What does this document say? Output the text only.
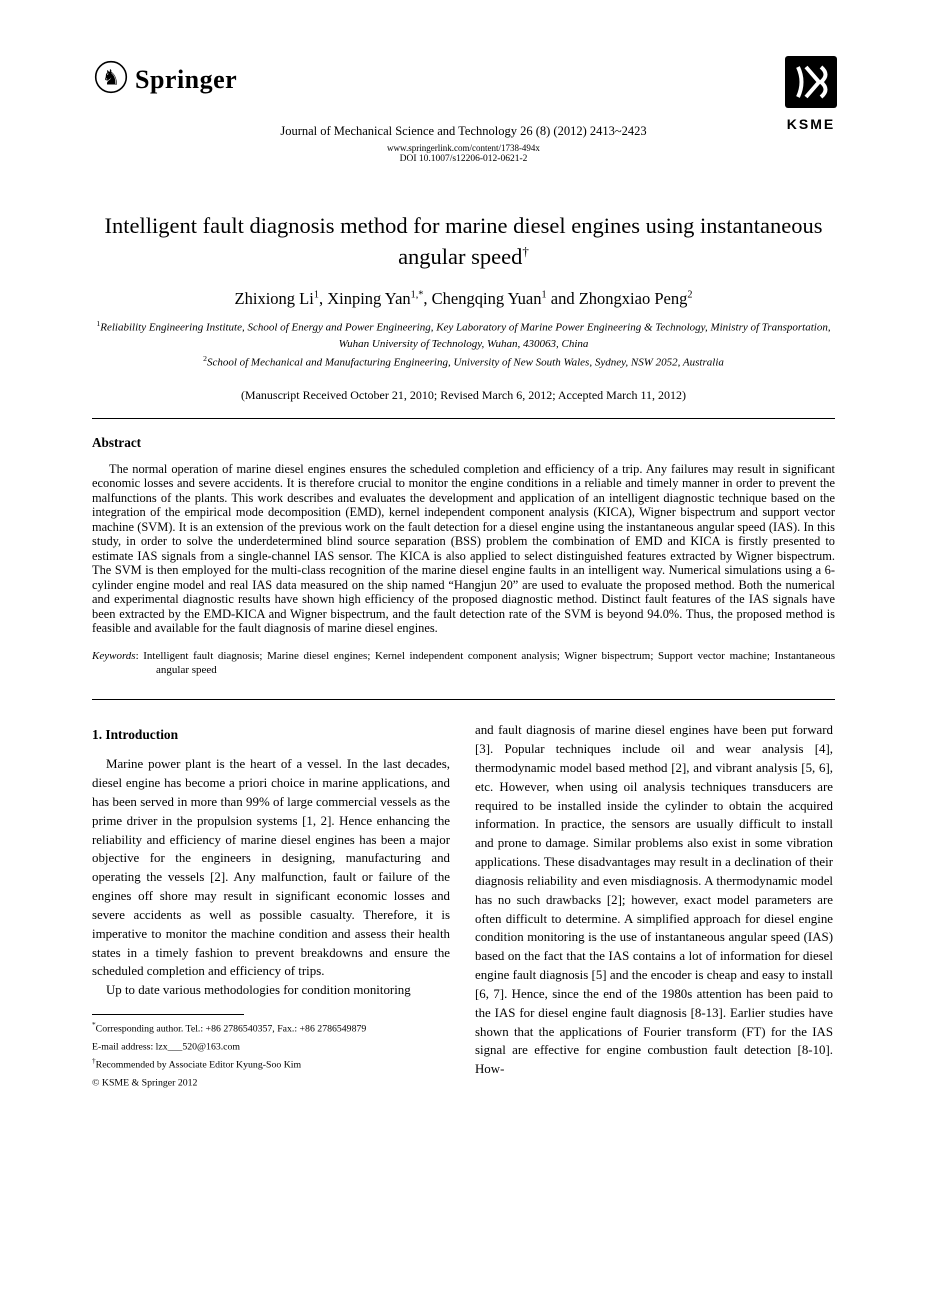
♞ Springer
KSME
Journal of Mechanical Science and Technology 26 (8) (2012) 2413~2423
www.springerlink.com/content/1738-494x
DOI 10.1007/s12206-012-0621-2
Intelligent fault diagnosis method for marine diesel engines using instantaneous angular speed†
Zhixiong Li$^1$, Xinping Yan$^{1,*}$, Chengqing Yuan$^1$ and Zhongxiao Peng$^2$
$^1$Reliability Engineering Institute, School of Energy and Power Engineering, Key Laboratory of Marine Power Engineering & Technology, Ministry of Transportation, Wuhan University of Technology, Wuhan, 430063, China
$^2$School of Mechanical and Manufacturing Engineering, University of New South Wales, Sydney, NSW 2052, Australia
(Manuscript Received October 21, 2010; Revised March 6, 2012; Accepted March 11, 2012)
Abstract

The normal operation of marine diesel engines ensures the scheduled completion and efficiency of a trip. Any failures may result in significant economic losses and severe accidents. It is therefore crucial to monitor the engine conditions in a reliable and timely manner in order to prevent the malfunctions of the plants. This work describes and evaluates the development and application of an intelligent diagnostic technique based on the integration of the empirical mode decomposition (EMD), kernel independent component analysis (KICA), Wigner bispectrum and support vector machine (SVM). It is an extension of the previous work on the fault detection for a diesel engine using the instantaneous angular speed (IAS). In this study, in order to solve the underdetermined blind source separation (BSS) problem the combination of EMD and KICA is firstly presented to estimate IAS signals from a single-channel IAS sensor. The KICA is also applied to select distinguished features extracted by Wigner bispectrum. The SVM is then employed for the multi-class recognition of the marine diesel engine faults in an intelligent way. Numerical simulations using a 6-cylinder engine model and real IAS data measured on the ship named “Hangjun 20” are used to evaluate the proposed method. Both the numerical and experimental diagnostic results have shown high efficiency of the proposed diagnostic method. Distinct fault features of the IAS signals have been extracted by the EMD-KICA and Wigner bispectrum, and the fault detection rate of the SVM is beyond 94.0%. Thus, the proposed method is feasible and available for the fault diagnosis of marine diesel engines.

Keywords: Intelligent fault diagnosis; Marine diesel engines; Kernel independent component analysis; Wigner bispectrum; Support vector machine; Instantaneous angular speed

1. Introduction

Marine power plant is the heart of a vessel. In the last decades, diesel engine has become a priori choice in marine applications, and has been served in more than 99% of large commercial vessels as the prime driver in the propulsion systems [1, 2]. Hence enhancing the reliability and efficiency of marine diesel engines has been a major objective for the engineers in designing, manufacturing and operating the vessels [2]. Any malfunction, fault or failure of the engines off shore may result in significant economic losses and severe accidents as well as possible casualty. Therefore, it is imperative to monitor the machine condition and assess their health states in a timely fashion to prevent breakdowns and ensure the scheduled completion and efficiency of trips.

Up to date various methodologies for condition monitoring

*Corresponding author. Tel.: +86 2786540357, Fax.: +86 2786549879
E-mail address: lzx___520@163.com
†Recommended by Associate Editor Kyung-Soo Kim
© KSME & Springer 2012

and fault diagnosis of marine diesel engines have been put forward [3]. Popular techniques include oil and wear analysis [4], thermodynamic model based method [2], and vibrant analysis [5, 6], etc. However, when using oil analysis techniques transducers are required to be installed inside the cylinder to obtain the acquired information. In practice, the sensors are usually difficult to install and prone to damage. Similar problems also exist in some vibration applications. These disadvantages may result in a declination of their diagnosis reliability and even misdiagnosis. A thermodynamic model has no such drawbacks [2]; however, exact model parameters are often difficult to determine. A simplified approach for diesel engine condition monitoring is the use of instantaneous angular speed (IAS) based on the fact that the IAS contains a lot of information for diesel engine fault diagnosis [5] and the encoder is cheap and easy to install [6, 7]. Hence, since the end of the 1980s attention has been paid to the IAS for diesel engine fault diagnosis [8-13]. Earlier studies have shown that the applications of Fourier transform (FT) for the IAS signal are effective for engine combustion fault detection [8-10]. How-
